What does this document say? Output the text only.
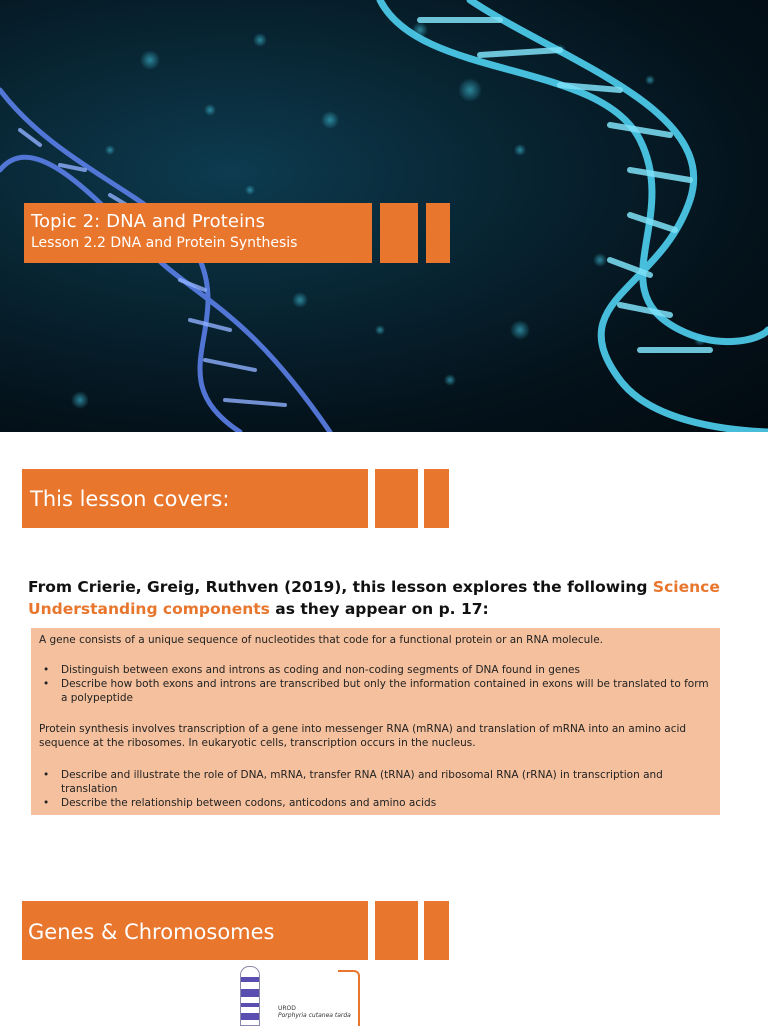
Topic 2: DNA and Proteins
Lesson 2.2 DNA and Protein Synthesis
This lesson covers:
From Crierie, Greig, Ruthven (2019), this lesson explores the following Science Understanding components as they appear on p. 17:

A gene consists of a unique sequence of nucleotides that code for a functional protein or an RNA molecule.

• Distinguish between exons and introns as coding and non-coding segments of DNA found in genes
• Describe how both exons and introns are transcribed but only the information contained in exons will be translated to form a polypeptide

Protein synthesis involves transcription of a gene into messenger RNA (mRNA) and translation of mRNA into an amino acid sequence at the ribosomes. In eukaryotic cells, transcription occurs in the nucleus.

• Describe and illustrate the role of DNA, mRNA, transfer RNA (tRNA) and ribosomal RNA (rRNA) in transcription and translation
• Describe the relationship between codons, anticodons and amino acids
Genes & Chromosomes
UROD
Porphyria cutanea tarda
